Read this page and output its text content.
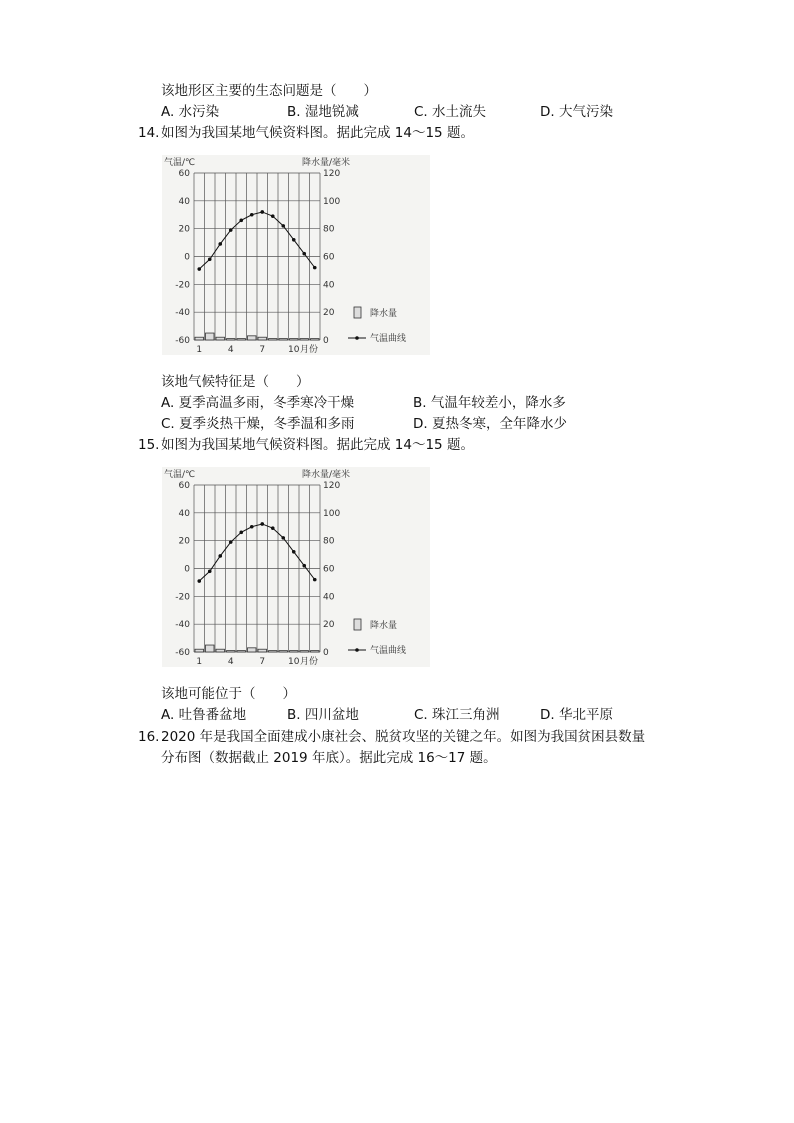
该地形区主要的生态问题是（　　）
A. 水污染	B. 湿地锐减	C. 水土流失	D. 大气污染
14. 如图为我国某地气候资料图。据此完成 14～15 题。
气温/℃	降水量/毫米
60
40
20
0
-20
-40
-60
120
100
80
60
40
20
0
1	4	7	10 月份
降水量
气温曲线
该地气候特征是（　　）
A. 夏季高温多雨，冬季寒冷干燥	B. 气温年较差小，降水多
C. 夏季炎热干燥，冬季温和多雨	D. 夏热冬寒，全年降水少
15. 如图为我国某地气候资料图。据此完成 14～15 题。
气温/℃	降水量/毫米
60
40
20
0
-20
-40
-60
120
100
80
60
40
20
0
1	4	7	10 月份
降水量
气温曲线
该地可能位于（　　）
A. 吐鲁番盆地	B. 四川盆地	C. 珠江三角洲	D. 华北平原
16. 2020 年是我国全面建成小康社会、脱贫攻坚的关键之年。如图为我国贫困县数量
分布图（数据截止 2019 年底）。据此完成 16～17 题。
